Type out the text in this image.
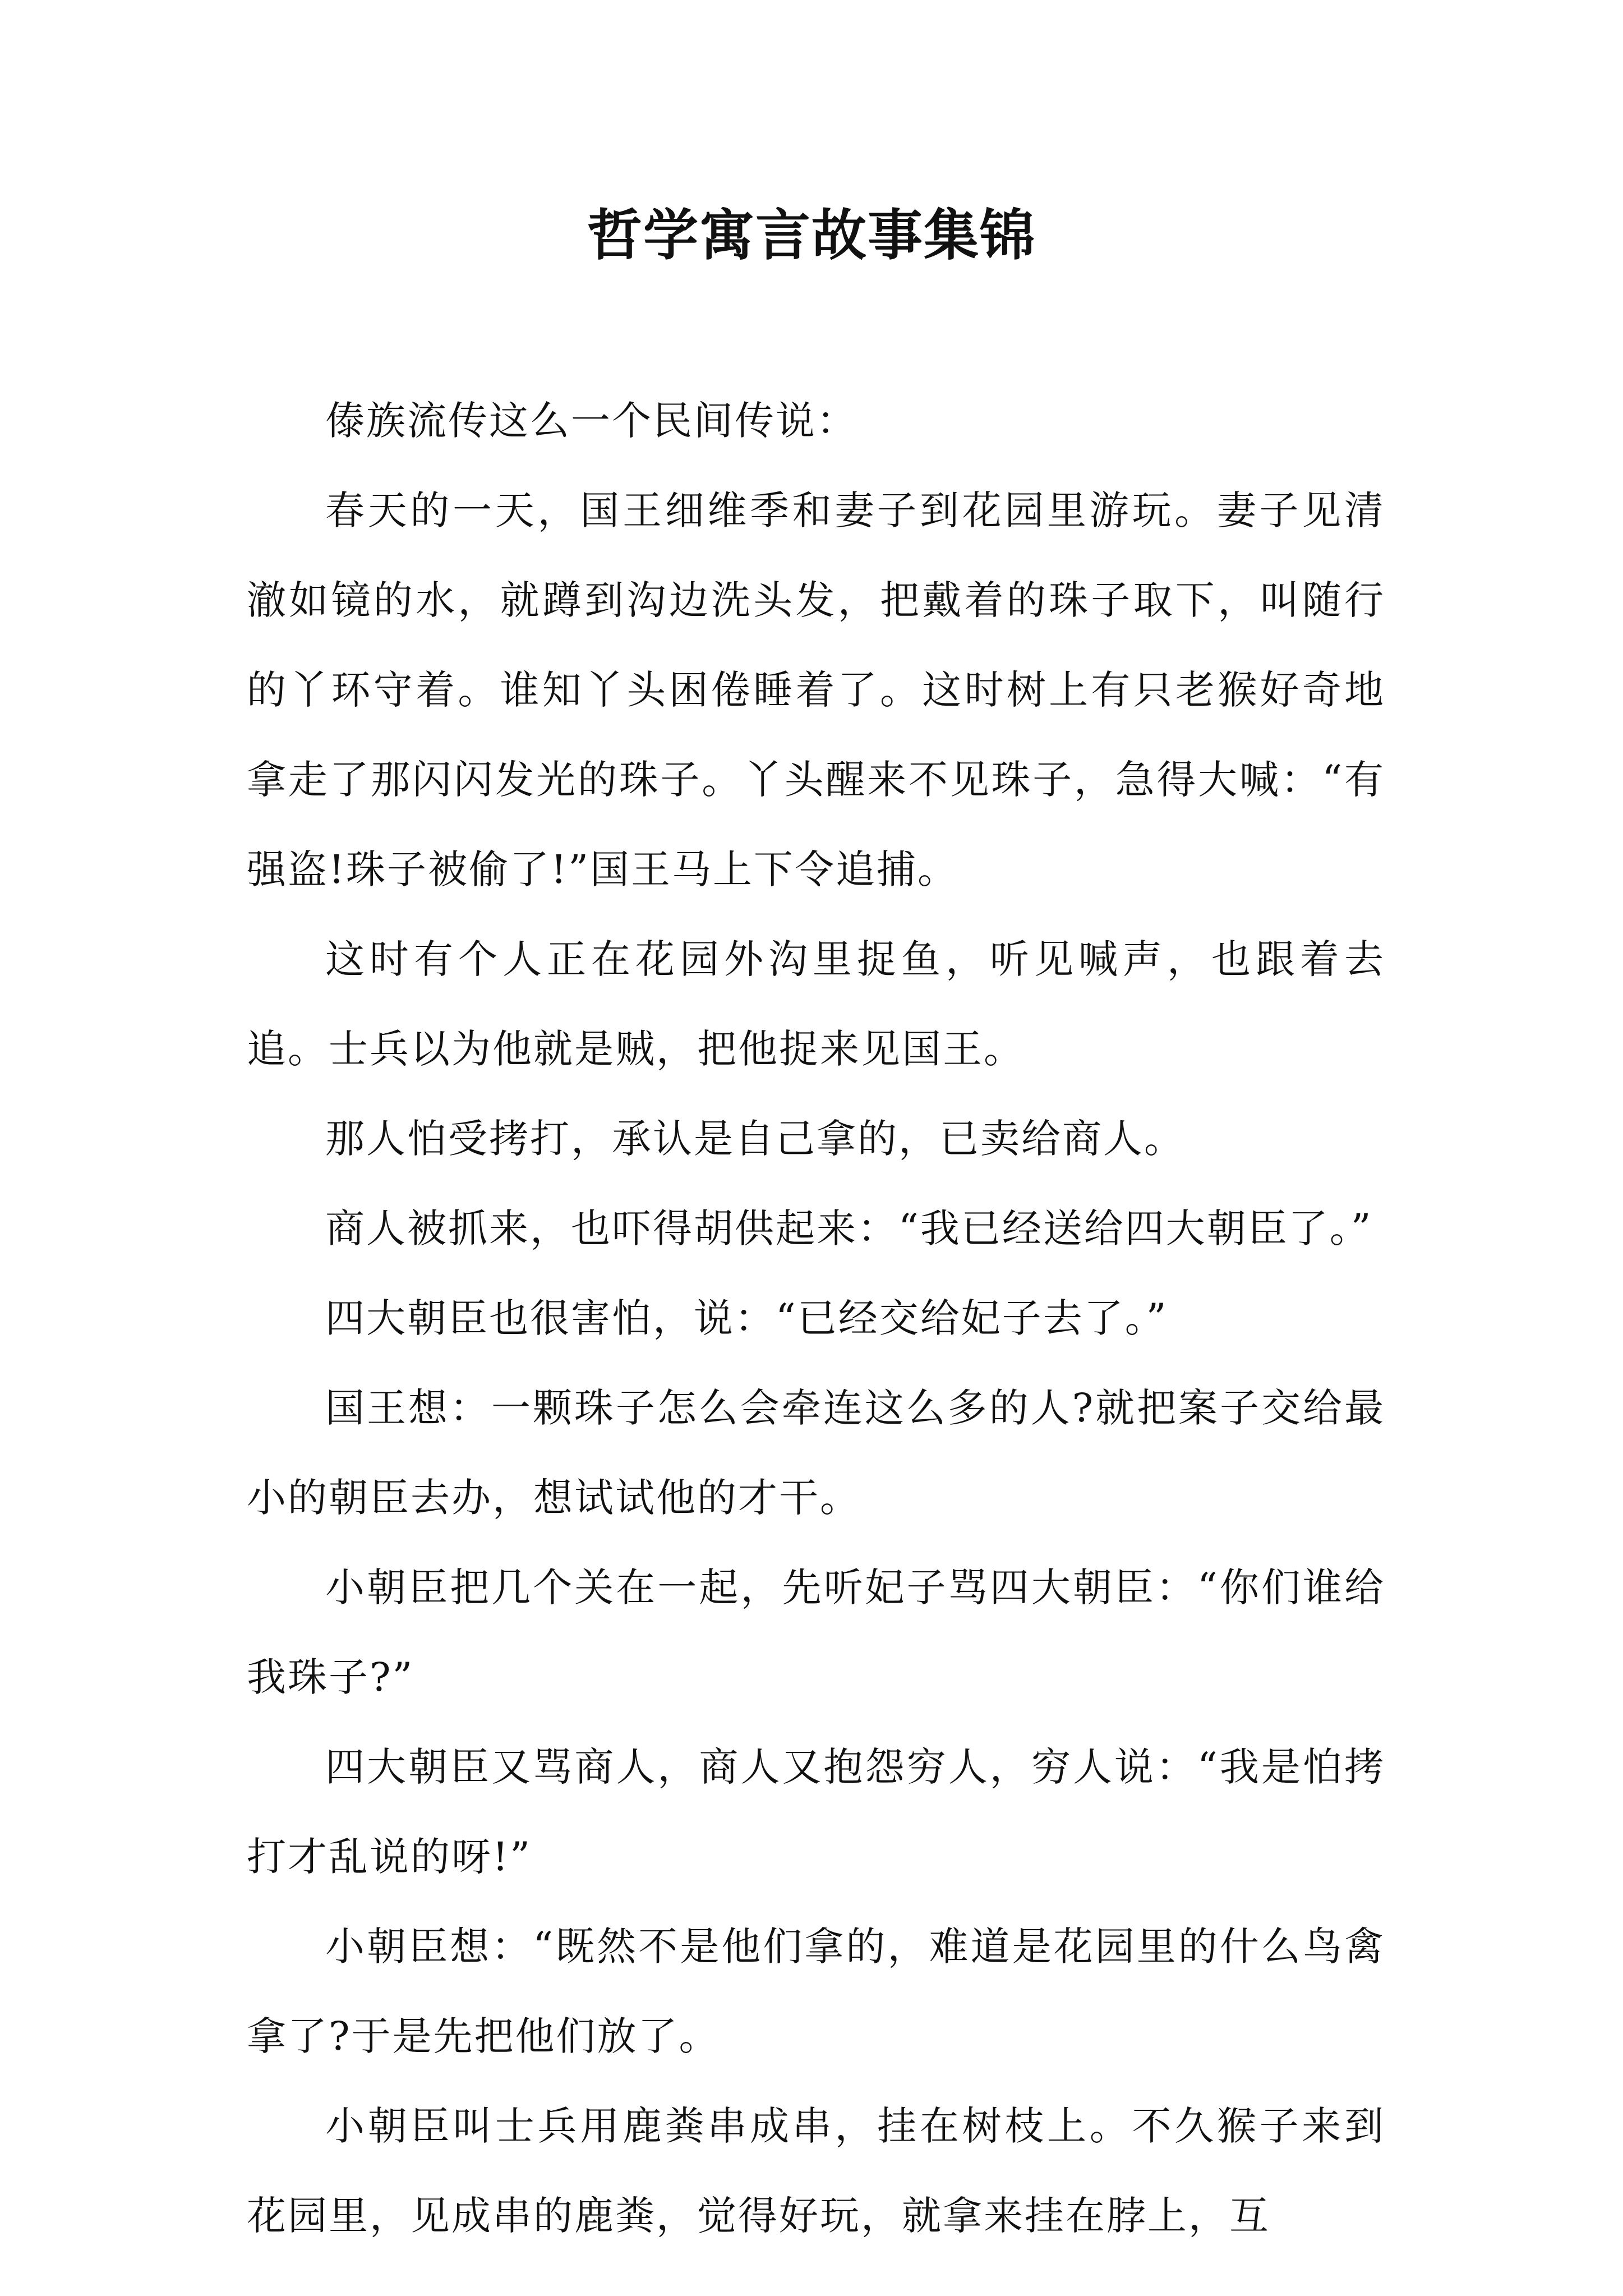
哲学寓言故事集锦

傣族流传这么一个民间传说：

春天的一天，国王细维季和妻子到花园里游玩。妻子见清澈如镜的水，就蹲到沟边洗头发，把戴着的珠子取下，叫随行的丫环守着。谁知丫头困倦睡着了。这时树上有只老猴好奇地拿走了那闪闪发光的珠子。丫头醒来不见珠子，急得大喊：“有强盗!珠子被偷了!”国王马上下令追捕。

这时有个人正在花园外沟里捉鱼，听见喊声，也跟着去追。士兵以为他就是贼，把他捉来见国王。

那人怕受拷打，承认是自己拿的，已卖给商人。

商人被抓来，也吓得胡供起来：“我已经送给四大朝臣了。”

四大朝臣也很害怕，说：“已经交给妃子去了。”

国王想：一颗珠子怎么会牵连这么多的人?就把案子交给最小的朝臣去办，想试试他的才干。

小朝臣把几个关在一起，先听妃子骂四大朝臣：“你们谁给我珠子?”

四大朝臣又骂商人，商人又抱怨穷人，穷人说：“我是怕拷打才乱说的呀!”

小朝臣想：“既然不是他们拿的，难道是花园里的什么鸟禽拿了?于是先把他们放了。

小朝臣叫士兵用鹿粪串成串，挂在树枝上。不久猴子来到花园里，见成串的鹿粪，觉得好玩，就拿来挂在脖上，互
